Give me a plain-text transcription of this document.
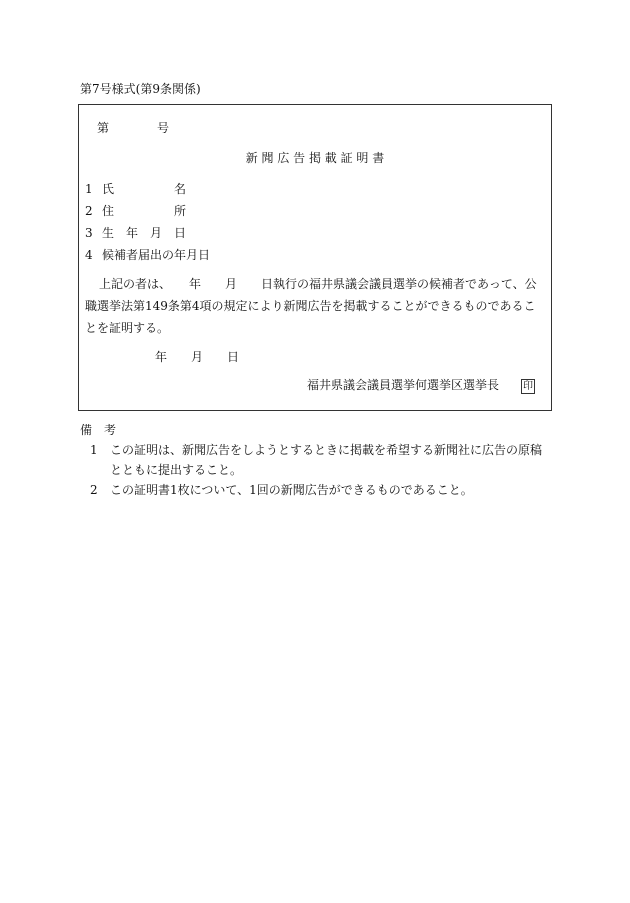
第7号様式(第9条関係)
第	号
新 聞 広 告 掲 載 証 明 書
1 氏　　　　　名
2 住　　　　　所
3 生　年　月　日
4 候補者届出の年月日
上記の者は、　　年　　月　　日執行の福井県議会議員選挙の候補者であって、公職選挙法第149条第4項の規定により新聞広告を掲載することができるものであることを証明する。
年　　月　　日
福井県議会議員選挙何選挙区選挙長 印
備　考
1	この証明は、新聞広告をしようとするときに掲載を希望する新聞社に広告の原稿とともに提出すること。
2	この証明書1枚について、1回の新聞広告ができるものであること。
